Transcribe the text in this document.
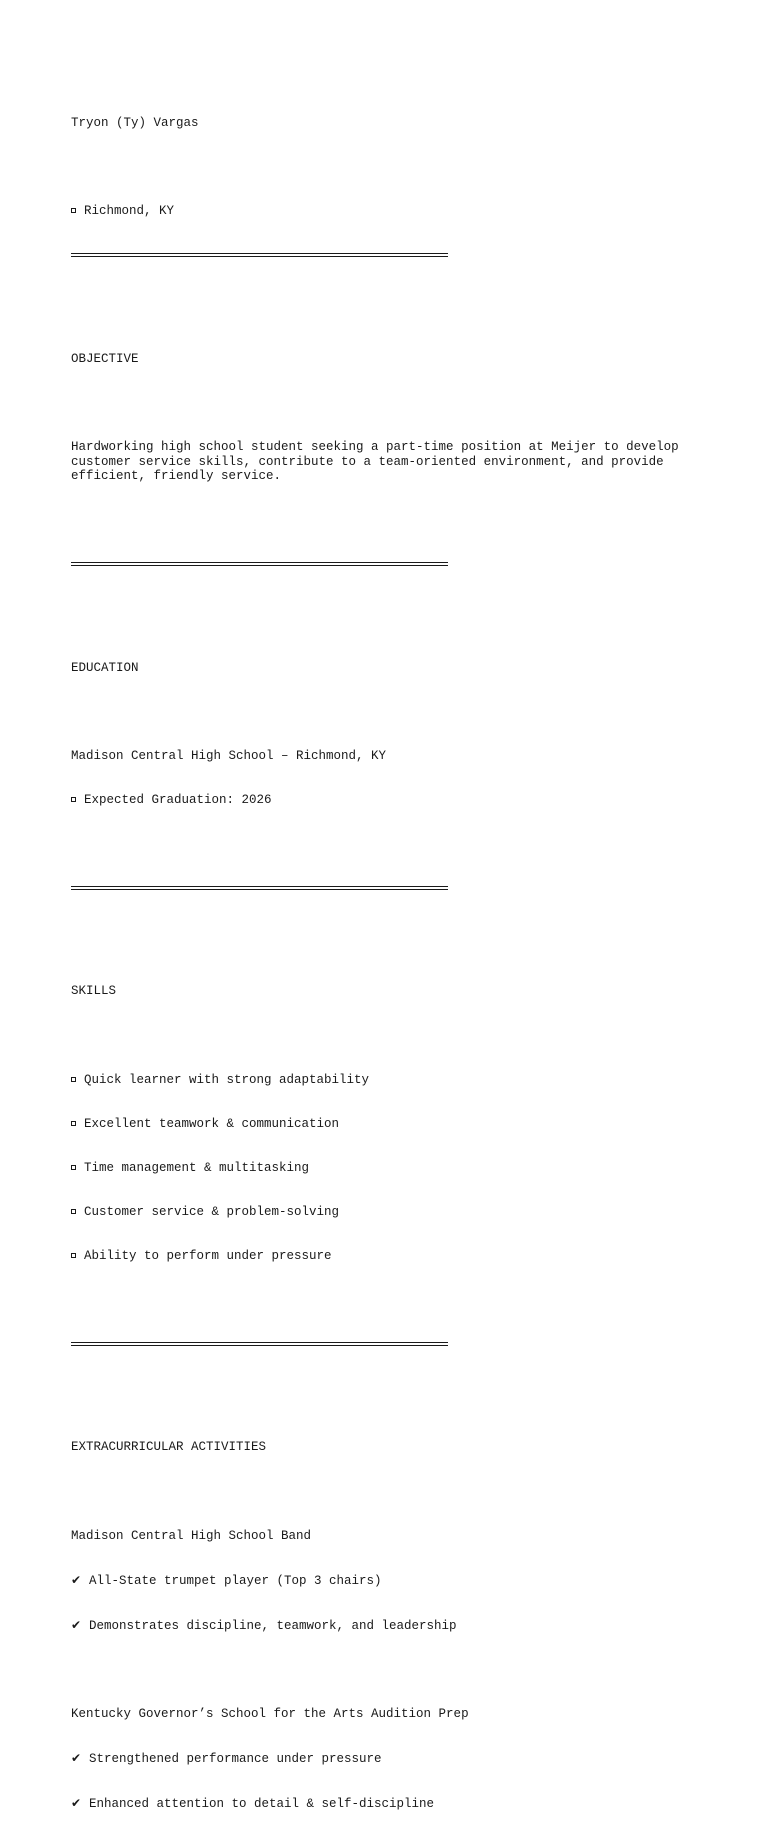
Tryon (Ty) Vargas

Richmond, KY

OBJECTIVE

Hardworking high school student seeking a part-time position at Meijer to develop customer service skills, contribute to a team-oriented environment, and provide efficient, friendly service.

EDUCATION

Madison Central High School – Richmond, KY

Expected Graduation: 2026

SKILLS

Quick learner with strong adaptability

Excellent teamwork & communication

Time management & multitasking

Customer service & problem-solving

Ability to perform under pressure

EXTRACURRICULAR ACTIVITIES

Madison Central High School Band

✔ All-State trumpet player (Top 3 chairs)

✔ Demonstrates discipline, teamwork, and leadership

Kentucky Governor’s School for the Arts Audition Prep

✔ Strengthened performance under pressure

✔ Enhanced attention to detail & self-discipline
